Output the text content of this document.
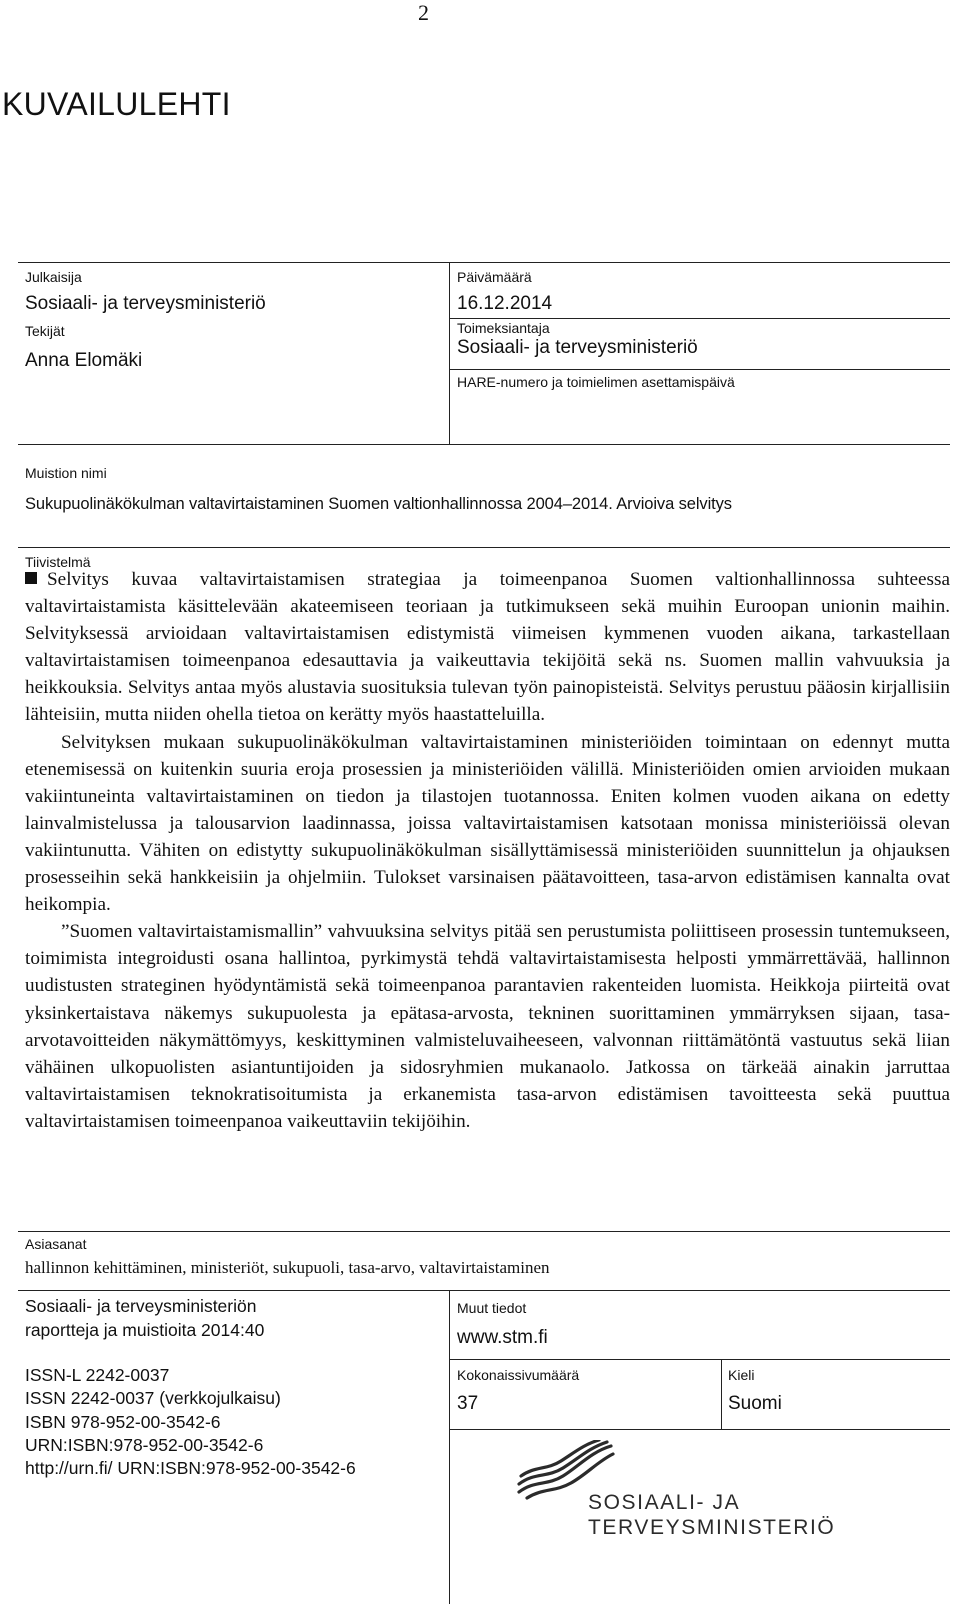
2
KUVAILULEHTI
Julkaisija
Sosiaali- ja terveysministeriö
Päivämäärä
16.12.2014
Tekijät
Anna Elomäki
Toimeksiantaja
Sosiaali- ja terveysministeriö
HARE-numero ja toimielimen asettamispäivä
Muistion nimi
Sukupuolinäkökulman valtavirtaistaminen Suomen valtionhallinnossa 2004–2014. Arvioiva selvitys
Tiivistelmä

Selvitys kuvaa valtavirtaistamisen strategiaa ja toimeenpanoa Suomen valtionhallinnossa suhteessa valtavirtaistamista käsittelevään akateemiseen teoriaan ja tutkimukseen sekä muihin Euroopan unionin maihin. Selvityksessä arvioidaan valtavirtaistamisen edistymistä viimeisen kymmenen vuoden aikana, tarkastellaan valtavirtaistamisen toimeenpanoa edesauttavia ja vaikeuttavia tekijöitä sekä ns. Suomen mallin vahvuuksia ja heikkouksia. Selvitys antaa myös alustavia suosituksia tulevan työn painopisteistä. Selvitys perustuu pääosin kirjallisiin lähteisiin, mutta niiden ohella tietoa on kerätty myös haastatteluilla.

Selvityksen mukaan sukupuolinäkökulman valtavirtaistaminen ministeriöiden toimintaan on edennyt mutta etenemisessä on kuitenkin suuria eroja prosessien ja ministeriöiden välillä. Ministeriöiden omien arvioiden mukaan vakiintuneinta valtavirtaistaminen on tiedon ja tilastojen tuotannossa. Eniten kolmen vuoden aikana on edetty lainvalmistelussa ja talousarvion laadinnassa, joissa valtavirtaistamisen katsotaan monissa ministeriöissä olevan vakiintunutta. Vähiten on edistytty sukupuolinäkökulman sisällyttämisessä ministeriöiden suunnittelun ja ohjauksen prosesseihin sekä hankkeisiin ja ohjelmiin. Tulokset varsinaisen päätavoitteen, tasa-arvon edistämisen kannalta ovat heikompia.

”Suomen valtavirtaistamismallin” vahvuuksina selvitys pitää sen perustumista poliittiseen prosessin tuntemukseen, toimimista integroidusti osana hallintoa, pyrkimystä tehdä valtavirtaistamisesta helposti ymmärrettävää, hallinnon uudistusten strateginen hyödyntämistä sekä toimeenpanoa parantavien rakenteiden luomista. Heikkoja piirteitä ovat yksinkertaistava näkemys sukupuolesta ja epätasa-arvosta, tekninen suorittaminen ymmärryksen sijaan, tasa-arvotavoitteiden näkymättömyys, keskittyminen valmisteluvaiheeseen, valvonnan riittämätöntä vastuutus sekä liian vähäinen ulkopuolisten asiantuntijoiden ja sidosryhmien mukanaolo. Jatkossa on tärkeää ainakin jarruttaa valtavirtaistamisen teknokratisoitumista ja erkanemista tasa-arvon edistämisen tavoitteesta sekä puuttua valtavirtaistamisen toimeenpanoa vaikeuttaviin tekijöihin.

Asiasanat
hallinnon kehittäminen, ministeriöt, sukupuoli, tasa-arvo, valtavirtaistaminen
Sosiaali- ja terveysministeriön
raportteja ja muistioita 2014:40
Muut tiedot
www.stm.fi
ISSN-L 2242-0037
ISSN 2242-0037 (verkkojulkaisu)
ISBN 978-952-00-3542-6
URN:ISBN:978-952-00-3542-6
http://urn.fi/ URN:ISBN:978-952-00-3542-6
Kokonaissivumäärä
37
Kieli
Suomi
SOSIAALI- JA
TERVEYSMINISTERIÖ
